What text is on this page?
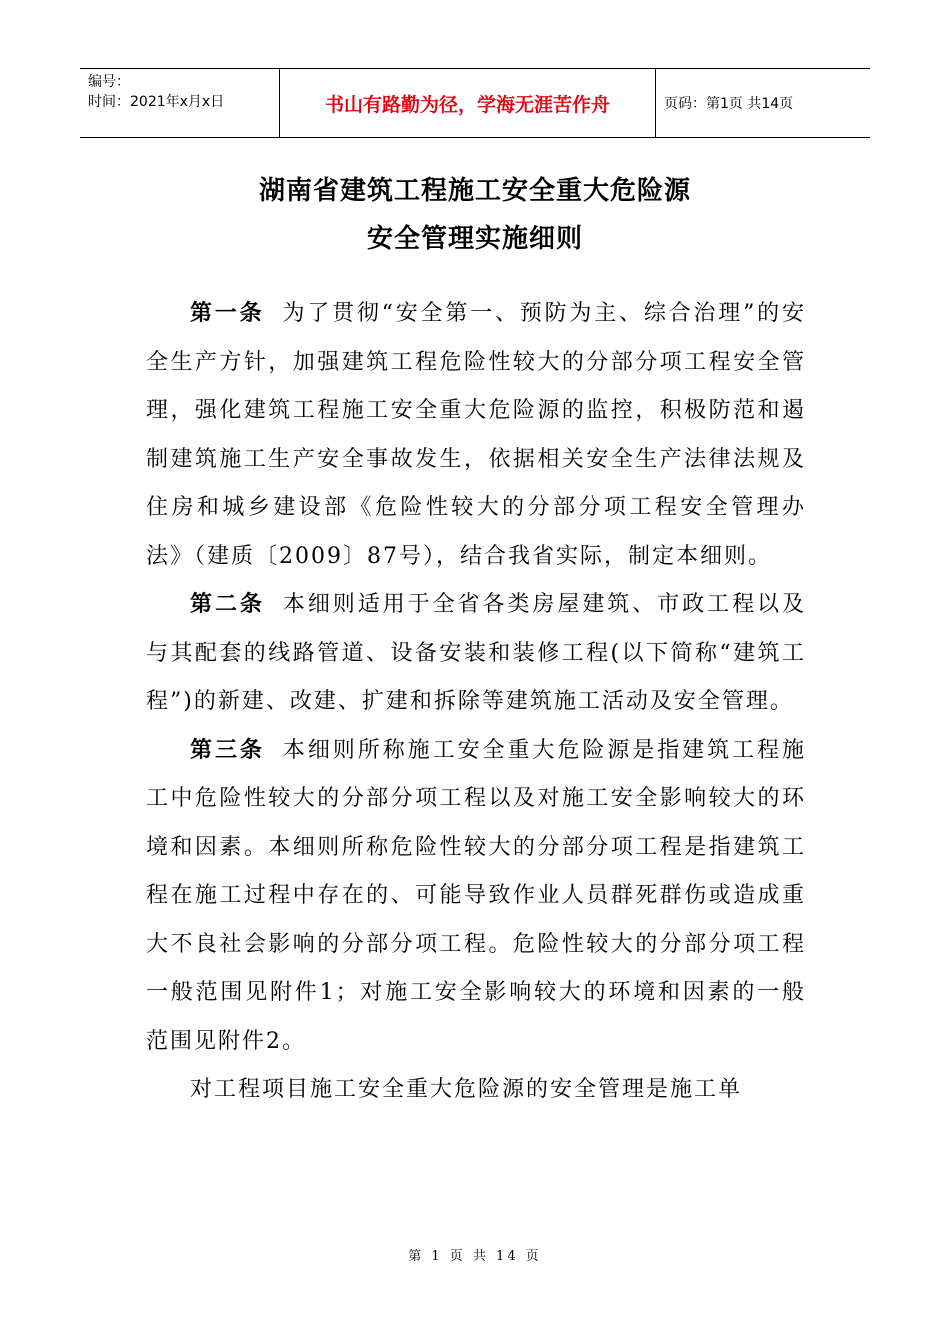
编号：
时间：2021年x月x日	书山有路勤为径，学海无涯苦作舟	页码：第1页 共14页
湖南省建筑工程施工安全重大危险源
安全管理实施细则

第一条 为了贯彻“安全第一、预防为主、综合治理”的安全生产方针，加强建筑工程危险性较大的分部分项工程安全管理，强化建筑工程施工安全重大危险源的监控，积极防范和遏制建筑施工生产安全事故发生，依据相关安全生产法律法规及住房和城乡建设部《危险性较大的分部分项工程安全管理办法》（建质〔2009〕87号），结合我省实际，制定本细则。

第二条 本细则适用于全省各类房屋建筑、市政工程以及与其配套的线路管道、设备安装和装修工程(以下简称“建筑工程”)的新建、改建、扩建和拆除等建筑施工活动及安全管理。

第三条 本细则所称施工安全重大危险源是指建筑工程施工中危险性较大的分部分项工程以及对施工安全影响较大的环境和因素。本细则所称危险性较大的分部分项工程是指建筑工程在施工过程中存在的、可能导致作业人员群死群伤或造成重大不良社会影响的分部分项工程。危险性较大的分部分项工程一般范围见附件1；对施工安全影响较大的环境和因素的一般范围见附件2。

对工程项目施工安全重大危险源的安全管理是施工单

第 1 页 共 14 页
